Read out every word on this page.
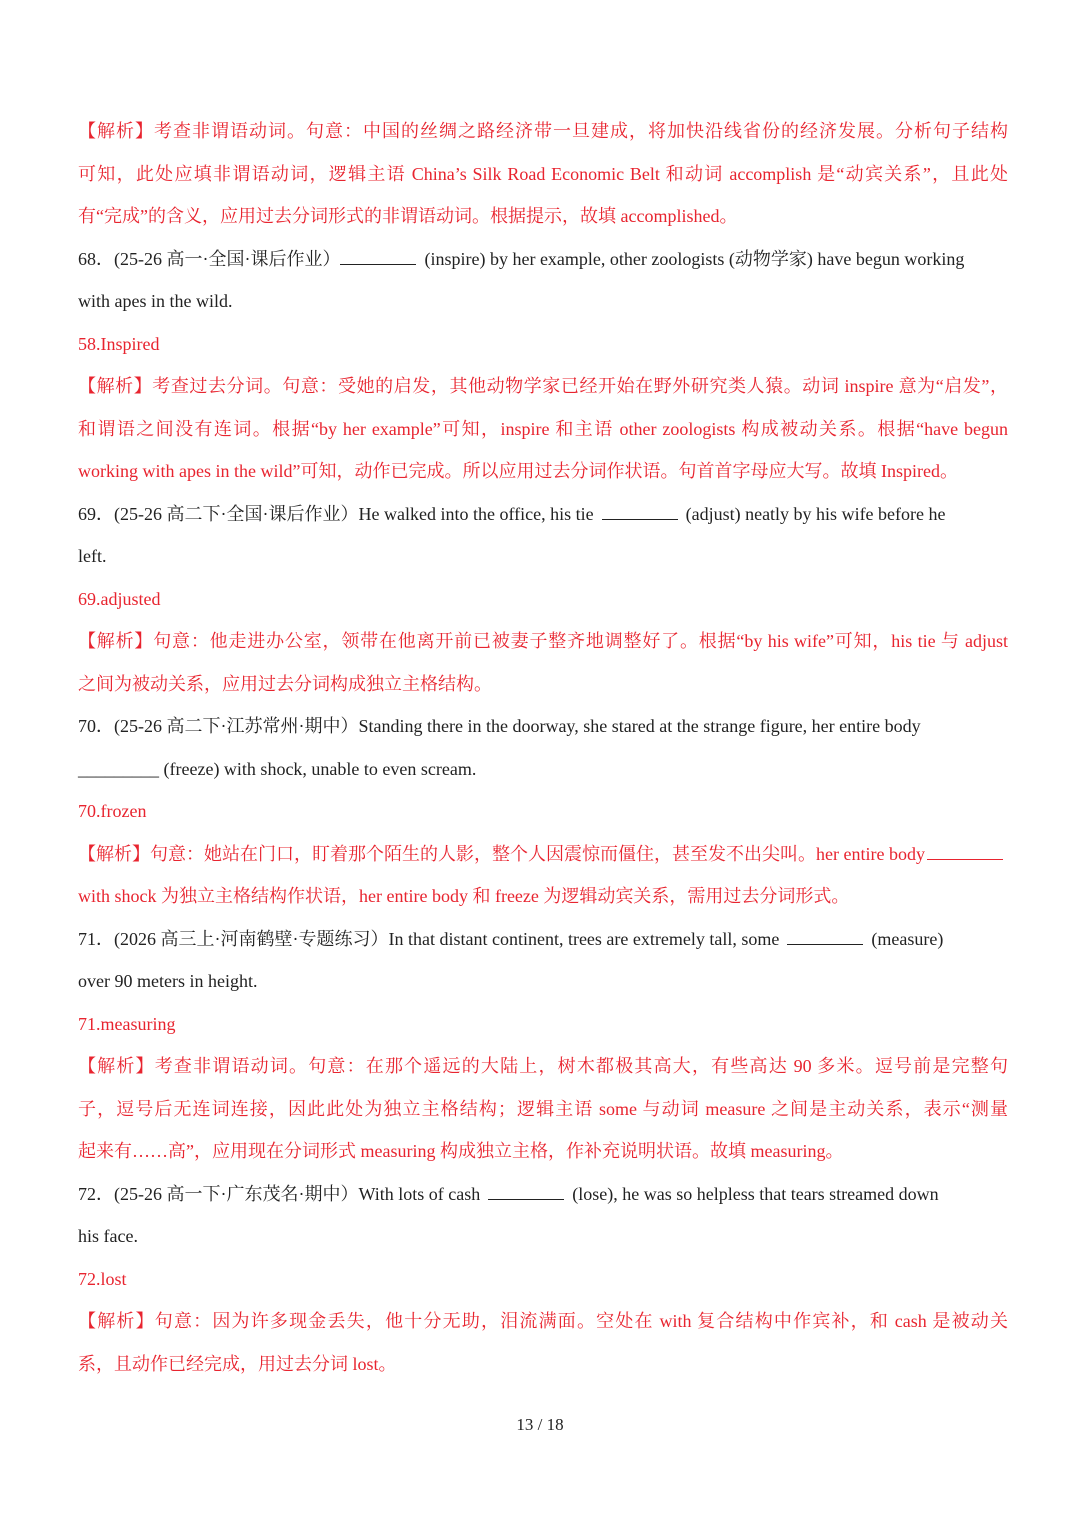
【解析】考查非谓语动词。句意：中国的丝绸之路经济带一旦建成，将加快沿线省份的经济发展。分析句子结构
可知，此处应填非谓语动词，逻辑主语 China’s Silk Road Economic Belt 和动词 accomplish 是“动宾关系”，且此处
有“完成”的含义，应用过去分词形式的非谓语动词。根据提示，故填 accomplished。
68．(25-26 高一·全国·课后作业）	(inspire) by her example, other zoologists (动物学家) have begun working
with apes in the wild.
58.Inspired
【解析】考查过去分词。句意：受她的启发，其他动物学家已经开始在野外研究类人猿。动词 inspire 意为“启发”，
和谓语之间没有连词。根据“by her example”可知，inspire 和主语 other zoologists 构成被动关系。根据“have begun
working with apes in the wild”可知，动作已完成。所以应用过去分词作状语。句首首字母应大写。故填 Inspired。
69．(25-26 高二下·全国·课后作业）He walked into the office, his tie	(adjust) neatly by his wife before he
left.
69.adjusted
【解析】句意：他走进办公室，领带在他离开前已被妻子整齐地调整好了。根据“by his wife”可知，his tie 与 adjust
之间为被动关系，应用过去分词构成独立主格结构。
70．(25-26 高二下·江苏常州·期中）Standing there in the doorway, she stared at the strange figure, her entire body
_________ (freeze) with shock, unable to even scream.
70.frozen
【解析】句意：她站在门口，盯着那个陌生的人影，整个人因震惊而僵住，甚至发不出尖叫。her entire body
with shock 为独立主格结构作状语，her entire body 和 freeze 为逻辑动宾关系，需用过去分词形式。
71．(2026 高三上·河南鹤壁·专题练习）In that distant continent, trees are extremely tall, some	(measure)
over 90 meters in height.
71.measuring
【解析】考查非谓语动词。句意：在那个遥远的大陆上，树木都极其高大，有些高达 90 多米。逗号前是完整句
子，逗号后无连词连接，因此此处为独立主格结构；逻辑主语 some 与动词 measure 之间是主动关系，表示“测量
起来有……高”，应用现在分词形式 measuring 构成独立主格，作补充说明状语。故填 measuring。
72．(25-26 高一下·广东茂名·期中）With lots of cash	(lose), he was so helpless that tears streamed down
his face.
72.lost
【解析】句意：因为许多现金丢失，他十分无助，泪流满面。空处在 with 复合结构中作宾补，和 cash 是被动关
系，且动作已经完成，用过去分词 lost。
13 / 18
